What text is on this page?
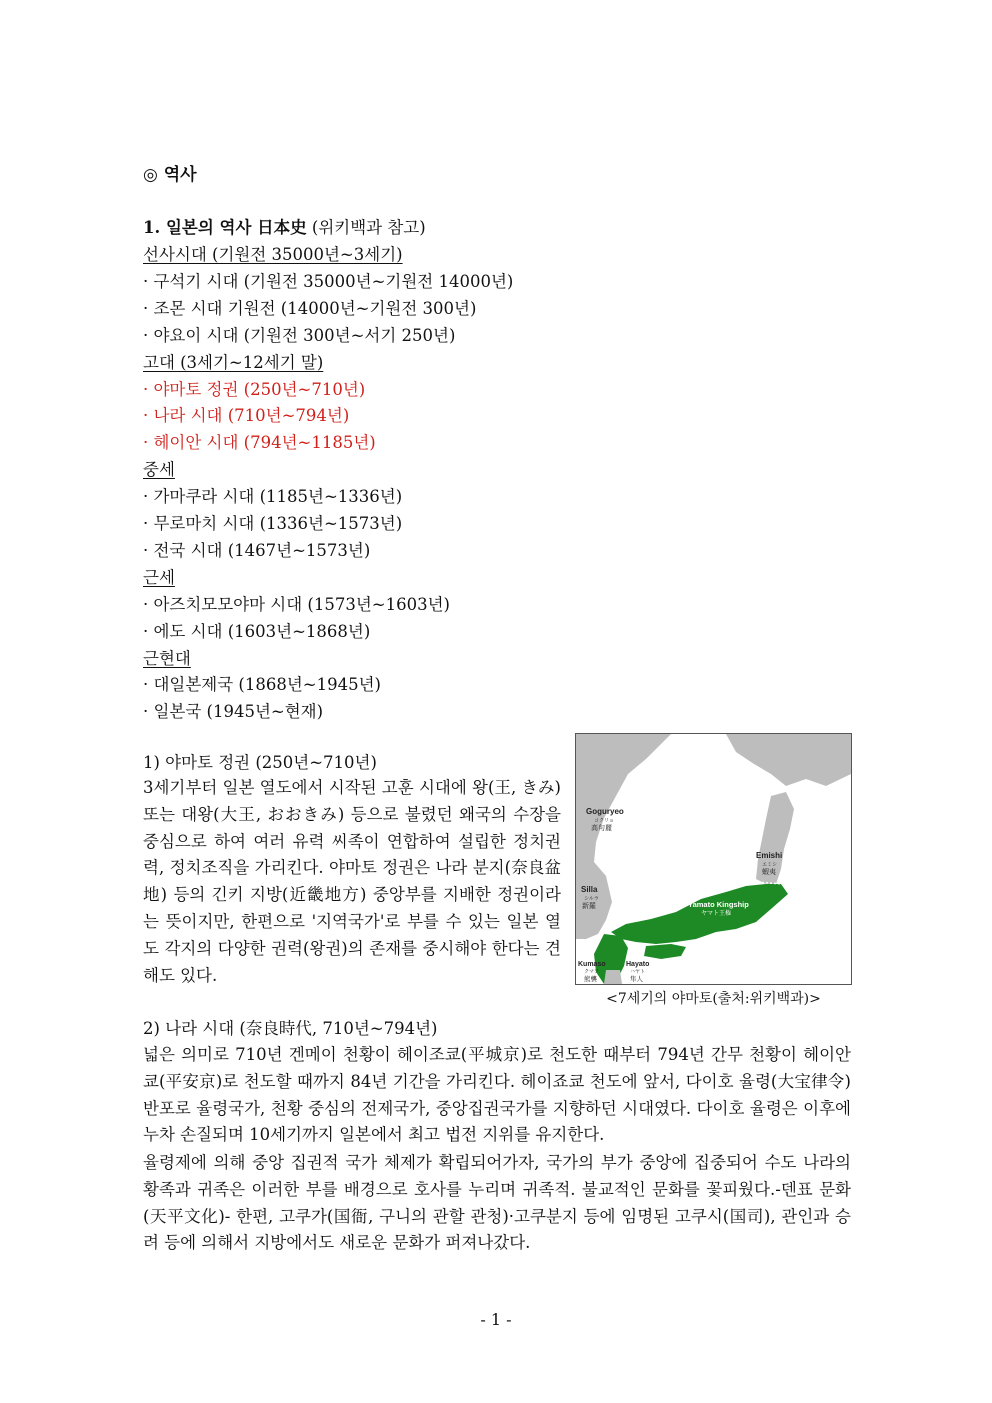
◎ 역사
1. 일본의 역사 日本史 (위키백과 참고)
선사시대 (기원전 35000년~3세기)
· 구석기 시대 (기원전 35000년~기원전 14000년)
· 조몬 시대 기원전 (14000년~기원전 300년)
· 야요이 시대 (기원전 300년~서기 250년)
고대 (3세기~12세기 말)
· 야마토 정권 (250년~710년)
· 나라 시대 (710년~794년)
· 헤이안 시대 (794년~1185년)
중세
· 가마쿠라 시대 (1185년~1336년)
· 무로마치 시대 (1336년~1573년)
· 전국 시대 (1467년~1573년)
근세
· 아즈치모모야마 시대 (1573년~1603년)
· 에도 시대 (1603년~1868년)
근현대
· 대일본제국 (1868년~1945년)
· 일본국 (1945년~현재)
1) 야마토 정권 (250년~710년)
3세기부터 일본 열도에서 시작된 고훈 시대에 왕(王, きみ) 또는 대왕(大王, おおきみ) 등으로 불렸던 왜국의 수장을 중심으로 하여 여러 유력 씨족이 연합하여 설립한 정치권력, 정치조직을 가리킨다. 야마토 정권은 나라 분지(奈良盆地) 등의 긴키 지방(近畿地方) 중앙부를 지배한 정권이라는 뜻이지만, 한편으로 '지역국가'로 부를 수 있는 일본 열도 각지의 다양한 권력(왕권)의 존재를 중시해야 한다는 견해도 있다.
Goguryeo
コクリョ
高句麗
Emishi
エミシ
蝦夷
Silla
シルラ
新羅	Yamato Kingship
ヤマト王権
Kumaso
クマソ
熊襲
Hayato
ハヤト
隼人
<7세기의 야마토(출처:위키백과)>
2) 나라 시대 (奈良時代, 710년~794년)
넓은 의미로 710년 겐메이 천황이 헤이조쿄(平城京)로 천도한 때부터 794년 간무 천황이 헤이안쿄(平安京)로 천도할 때까지 84년 기간을 가리킨다. 헤이죠쿄 천도에 앞서, 다이호 율령(大宝律令) 반포로 율령국가, 천황 중심의 전제국가, 중앙집권국가를 지향하던 시대였다. 다이호 율령은 이후에 누차 손질되며 10세기까지 일본에서 최고 법전 지위를 유지한다.
율령제에 의해 중앙 집권적 국가 체제가 확립되어가자, 국가의 부가 중앙에 집중되어 수도 나라의 황족과 귀족은 이러한 부를 배경으로 호사를 누리며 귀족적. 불교적인 문화를 꽃피웠다.-덴표 문화(天平文化)- 한편, 고쿠가(国衙, 구니의 관할 관청)·고쿠분지 등에 임명된 고쿠시(国司), 관인과 승려 등에 의해서 지방에서도 새로운 문화가 퍼져나갔다.
- 1 -
